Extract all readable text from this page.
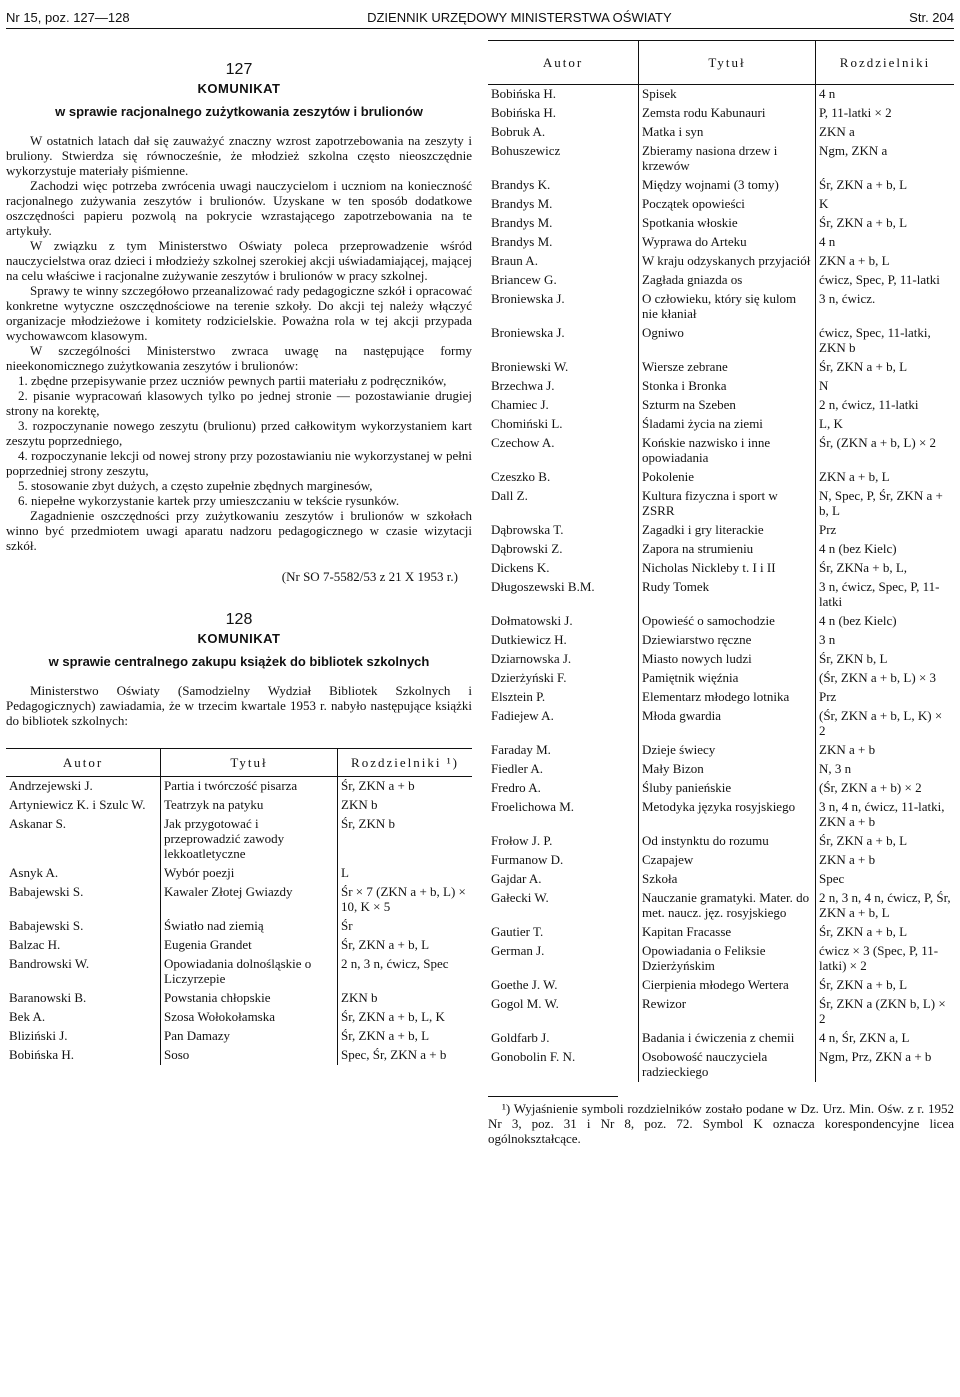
Nr 15, poz. 127—128	DZIENNIK URZĘDOWY MINISTERSTWA OŚWIATY	Str. 204
127
KOMUNIKAT
w sprawie racjonalnego zużytkowania zeszytów i brulionów

W ostatnich latach dał się zauważyć znaczny wzrost zapotrzebowania na zeszyty i bruliony. Stwierdza się równocześnie, że młodzież szkolna często nieoszczędnie wykorzystuje materiały piśmienne.

Zachodzi więc potrzeba zwrócenia uwagi nauczycielom i uczniom na konieczność racjonalnego zużywania zeszytów i brulionów. Uzyskane w ten sposób dodatkowe oszczędności papieru pozwolą na pokrycie wzrastającego zapotrzebowania na te artykuły.

W związku z tym Ministerstwo Oświaty poleca przeprowadzenie wśród nauczycielstwa oraz dzieci i młodzieży szkolnej szerokiej akcji uświadamiającej, mającej na celu właściwe i racjonalne zużywanie zeszytów i brulionów w pracy szkolnej.

Sprawy te winny szczegółowo przeanalizować rady pedagogiczne szkół i opracować konkretne wytyczne oszczędnościowe na terenie szkoły. Do akcji tej należy włączyć organizacje młodzieżowe i komitety rodzicielskie. Poważna rola w tej akcji przypada wychowawcom klasowym.

W szczególności Ministerstwo zwraca uwagę na następujące formy nieekonomicznego zużytkowania zeszytów i brulionów:

1. zbędne przepisywanie przez uczniów pewnych partii materiału z podręczników,

2. pisanie wypracowań klasowych tylko po jednej stronie — pozostawianie drugiej strony na korektę,

3. rozpoczynanie nowego zeszytu (brulionu) przed całkowitym wykorzystaniem kart zeszytu poprzedniego,

4. rozpoczynanie lekcji od nowej strony przy pozostawianiu nie wykorzystanej w pełni poprzedniej strony zeszytu,

5. stosowanie zbyt dużych, a często zupełnie zbędnych marginesów,

6. niepełne wykorzystanie kartek przy umieszczaniu w tekście rysunków.

Zagadnienie oszczędności przy zużytkowaniu zeszytów i brulionów w szkołach winno być przedmiotem uwagi aparatu nadzoru pedagogicznego w czasie wizytacji szkół.

(Nr SO 7-5582/53 z 21 X 1953 r.)
128
KOMUNIKAT
w sprawie centralnego zakupu książek do bibliotek szkolnych

Ministerstwo Oświaty (Samodzielny Wydział Bibliotek Szkolnych i Pedagogicznych) zawiadamia, że w trzecim kwartale 1953 r. nabyło następujące książki do bibliotek szkolnych:

Autor	Tytuł	Rozdzielniki ¹)
Andrzejewski J.	Partia i twórczość pisarza	Śr, ZKN a + b
Artyniewicz K. i Szulc W.	Teatrzyk na patyku	ZKN b
Askanar S.	Jak przygotować i przeprowadzić zawody lekkoatletyczne	Śr, ZKN b
Asnyk A.	Wybór poezji	L
Babajewski S.	Kawaler Złotej Gwiazdy	Śr × 7 (ZKN a + b, L) × 10, K × 5
Babajewski S.	Światło nad ziemią	Śr
Balzac H.	Eugenia Grandet	Śr, ZKN a + b, L
Bandrowski W.	Opowiadania dolnośląskie o Liczyrzepie	2 n, 3 n, ćwicz, Spec
Baranowski B.	Powstania chłopskie	ZKN b
Bek A.	Szosa Wołokołamska	Śr, ZKN a + b, L, K
Bliziński J.	Pan Damazy	Śr, ZKN a + b, L
Bobińska H.	Soso	Spec, Śr, ZKN a + b
Autor	Tytuł	Rozdzielniki
Bobińska H.	Spisek	4 n
Bobińska H.	Zemsta rodu Kabunauri	P, 11-latki × 2
Bobruk A.	Matka i syn	ZKN a
Bohuszewicz	Zbieramy nasiona drzew i krzewów	Ngm, ZKN a
Brandys K.	Między wojnami (3 tomy)	Śr, ZKN a + b, L
Brandys M.	Początek opowieści	K
Brandys M.	Spotkania włoskie	Śr, ZKN a + b, L
Brandys M.	Wyprawa do Arteku	4 n
Braun A.	W kraju odzyskanych przyjaciół	ZKN a + b, L
Briancew G.	Zagłada gniazda os	ćwicz, Spec, P, 11-latki
Broniewska J.	O człowieku, który się kulom nie kłaniał	3 n, ćwicz.
Broniewska J.	Ogniwo	ćwicz, Spec, 11-latki, ZKN b
Broniewski W.	Wiersze zebrane	Śr, ZKN a + b, L
Brzechwa J.	Stonka i Bronka	N
Chamiec J.	Szturm na Szeben	2 n, ćwicz, 11-latki
Chomiński L.	Śladami życia na ziemi	L, K
Czechow A.	Końskie nazwisko i inne opowiadania	Śr, (ZKN a + b, L) × 2
Czeszko B.	Pokolenie	ZKN a + b, L
Dall Z.	Kultura fizyczna i sport w ZSRR	N, Spec, P, Śr, ZKN a + b, L
Dąbrowska T.	Zagadki i gry literackie	Prz
Dąbrowski Z.	Zapora na strumieniu	4 n (bez Kielc)
Dickens K.	Nicholas Nickleby t. I i II	Śr, ZKNa + b, L,
Długoszewski B.M.	Rudy Tomek	3 n, ćwicz, Spec, P, 11-latki
Dołmatowski J.	Opowieść o samochodzie	4 n (bez Kielc)
Dutkiewicz H.	Dziewiarstwo ręczne	3 n
Dziarnowska J.	Miasto nowych ludzi	Śr, ZKN b, L
Dzierżyński F.	Pamiętnik więźnia	(Śr, ZKN a + b, L) × 3
Elsztein P.	Elementarz młodego lotnika	Prz
Fadiejew A.	Młoda gwardia	(Śr, ZKN a + b, L, K) × 2
Faraday M.	Dzieje świecy	ZKN a + b
Fiedler A.	Mały Bizon	N, 3 n
Fredro A.	Śluby panieńskie	(Śr, ZKN a + b) × 2
Froelichowa M.	Metodyka języka rosyjskiego	3 n, 4 n, ćwicz, 11-latki, ZKN a + b
Frołow J. P.	Od instynktu do rozumu	Śr, ZKN a + b, L
Furmanow D.	Czapajew	ZKN a + b
Gajdar A.	Szkoła	Spec
Gałecki W.	Nauczanie gramatyki. Mater. do met. naucz. jęz. rosyjskiego	2 n, 3 n, 4 n, ćwicz, P, Śr, ZKN a + b, L
Gautier T.	Kapitan Fracasse	Śr, ZKN a + b, L
German J.	Opowiadania o Feliksie Dzierżyńskim	ćwicz × 3 (Spec, P, 11-latki) × 2
Goethe J. W.	Cierpienia młodego Wertera	Śr, ZKN a + b, L
Gogol M. W.	Rewizor	Śr, ZKN a (ZKN b, L) × 2
Goldfarb J.	Badania i ćwiczenia z chemii	4 n, Śr, ZKN a, L
Gonobolin F. N.	Osobowość nauczyciela radzieckiego	Ngm, Prz, ZKN a + b

¹) Wyjaśnienie symboli rozdzielników zostało podane w Dz. Urz. Min. Ośw. z r. 1952 Nr 3, poz. 31 i Nr 8, poz. 72. Symbol K oznacza korespondencyjne licea ogólnokształcące.
